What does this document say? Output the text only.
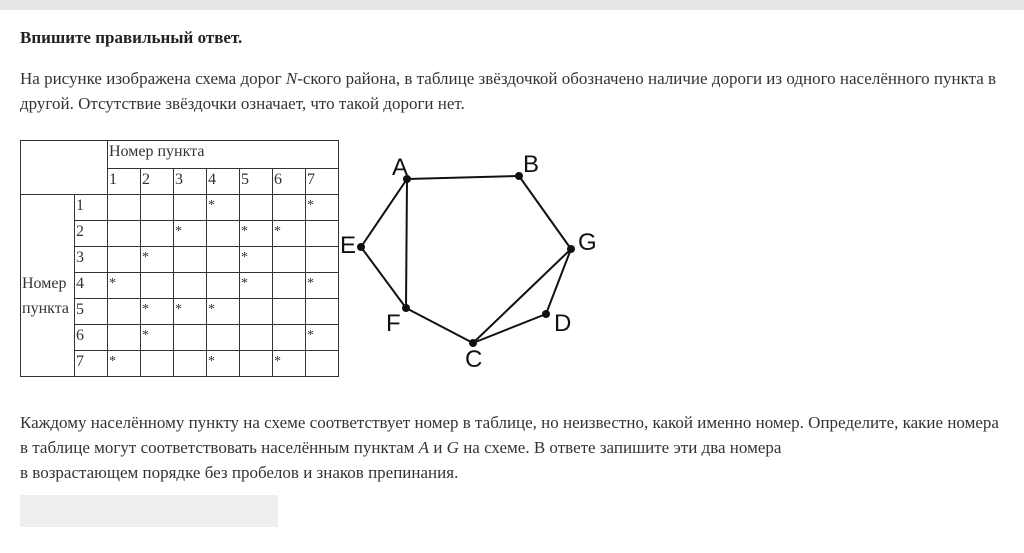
Впишите правильный ответ.
На рисунке изображена схема дорог N-ского района, в таблице звёздочкой обозначено наличие дороги из одного населённого пункта в другой. Отсутствие звёздочки означает, что такой дороги нет.
		Номер пункта						
		1	2	3	4	5	6	7
Номер пункта	1				*			*
	2			*		*	*	
	3		*			*		
	4	*				*		*
	5		*	*	*			
	6		*					*
	7	*			*		*	
A	B
G
D
C
F
E
Каждому населённому пункту на схеме соответствует номер в таблице, но неизвестно, какой именно номер. Определите, какие номера в таблице могут соответствовать населённым пунктам A и G на схеме. В ответе запишите эти два номера
в возрастающем порядке без пробелов и знаков препинания.
